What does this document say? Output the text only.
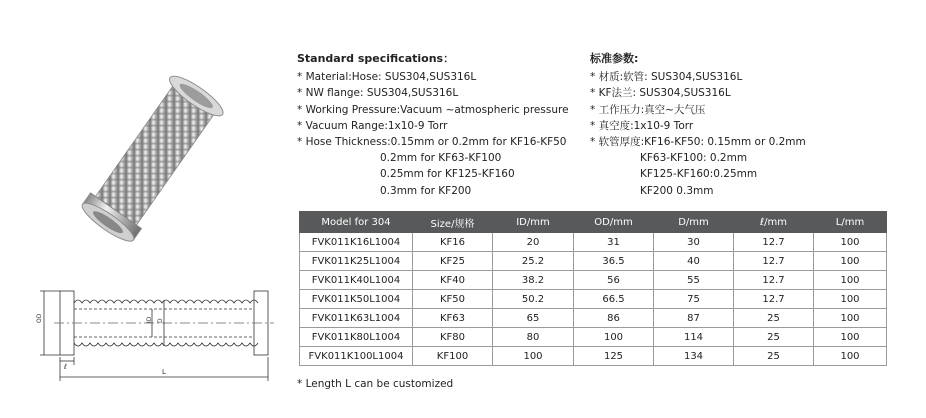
OD	ID D
ℓ
L
Standard specifications：
* Material:Hose: SUS304,SUS316L
* NW flange: SUS304,SUS316L
* Working Pressure:Vacuum ~atmospheric pressure
* Vacuum Range:1x10-9 Torr
* Hose Thickness:0.15mm or 0.2mm for KF16-KF50
0.2mm for KF63-KF100
0.25mm for KF125-KF160
0.3mm for KF200
标准参数:
* 材质:软管: SUS304,SUS316L
* KF法兰: SUS304,SUS316L
* 工作压力:真空~大气压
* 真空度:1x10-9 Torr
* 软管厚度:KF16-KF50: 0.15mm or 0.2mm
KF63-KF100: 0.2mm
KF125-KF160:0.25mm
KF200 0.3mm
Model for 304	Size/规格	ID/mm	OD/mm	D/mm	ℓ/mm	L/mm
FVK011K16L1004	KF16	20	31	30	12.7	100
FVK011K25L1004	KF25	25.2	36.5	40	12.7	100
FVK011K40L1004	KF40	38.2	56	55	12.7	100
FVK011K50L1004	KF50	50.2	66.5	75	12.7	100
FVK011K63L1004	KF63	65	86	87	25	100
FVK011K80L1004	KF80	80	100	114	25	100
FVK011K100L1004	KF100	100	125	134	25	100
* Length L can be customized
